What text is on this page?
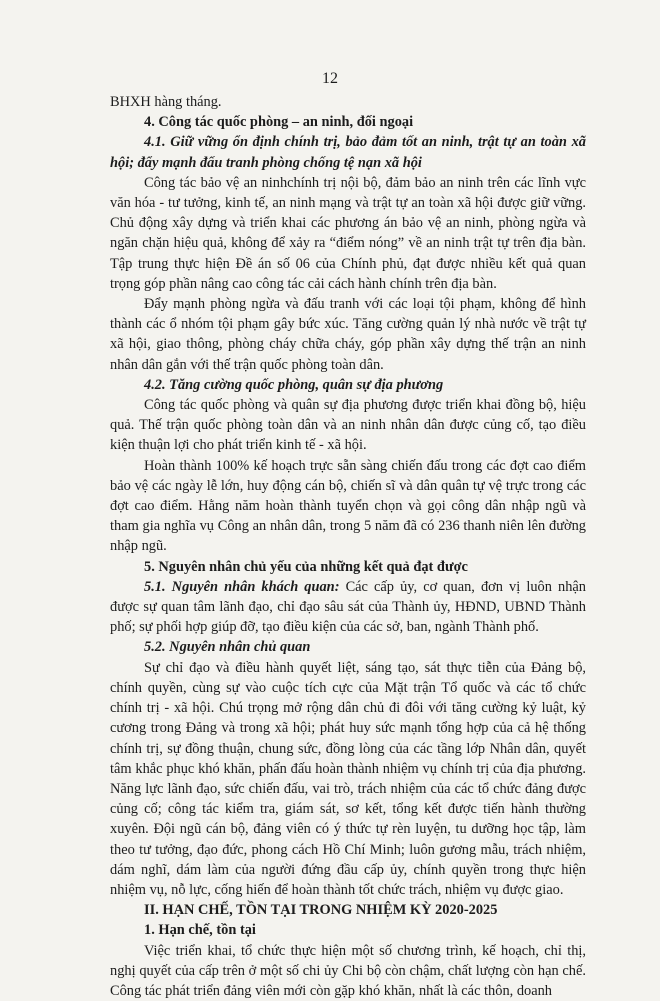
12

BHXH hàng tháng.

4. Công tác quốc phòng – an ninh, đối ngoại

4.1. Giữ vững ổn định chính trị, bảo đảm tốt an ninh, trật tự an toàn xã hội; đẩy mạnh đấu tranh phòng chống tệ nạn xã hội

Công tác bảo vệ an ninhchính trị nội bộ, đảm bảo an ninh trên các lĩnh vực văn hóa - tư tưởng, kinh tế, an ninh mạng và trật tự an toàn xã hội được giữ vững. Chủ động xây dựng và triển khai các phương án bảo vệ an ninh, phòng ngừa và ngăn chặn hiệu quả, không để xảy ra “điểm nóng” về an ninh trật tự trên địa bàn. Tập trung thực hiện Đề án số 06 của Chính phủ, đạt được nhiều kết quả quan trọng góp phần nâng cao công tác cải cách hành chính trên địa bàn.

Đẩy mạnh phòng ngừa và đấu tranh với các loại tội phạm, không để hình thành các ổ nhóm tội phạm gây bức xúc. Tăng cường quản lý nhà nước về trật tự xã hội, giao thông, phòng cháy chữa cháy, góp phần xây dựng thế trận an ninh nhân dân gắn với thế trận quốc phòng toàn dân.

4.2. Tăng cường quốc phòng, quân sự địa phương

Công tác quốc phòng và quân sự địa phương được triển khai đồng bộ, hiệu quả. Thế trận quốc phòng toàn dân và an ninh nhân dân được củng cố, tạo điều kiện thuận lợi cho phát triển kinh tế - xã hội.

Hoàn thành 100% kế hoạch trực sẵn sàng chiến đấu trong các đợt cao điểm bảo vệ các ngày lễ lớn, huy động cán bộ, chiến sĩ và dân quân tự vệ trực trong các đợt cao điểm. Hằng năm hoàn thành tuyển chọn và gọi công dân nhập ngũ và tham gia nghĩa vụ Công an nhân dân, trong 5 năm đã có 236 thanh niên lên đường nhập ngũ.

5. Nguyên nhân chủ yếu của những kết quả đạt được

5.1. Nguyên nhân khách quan: Các cấp ủy, cơ quan, đơn vị luôn nhận được sự quan tâm lãnh đạo, chỉ đạo sâu sát của Thành ủy, HĐND, UBND Thành phố; sự phối hợp giúp đỡ, tạo điều kiện của các sở, ban, ngành Thành phố.

5.2. Nguyên nhân chủ quan

Sự chỉ đạo và điều hành quyết liệt, sáng tạo, sát thực tiễn của Đảng bộ, chính quyền, cùng sự vào cuộc tích cực của Mặt trận Tổ quốc và các tổ chức chính trị - xã hội. Chú trọng mở rộng dân chủ đi đôi với tăng cường kỷ luật, kỷ cương trong Đảng và trong xã hội; phát huy sức mạnh tổng hợp của cả hệ thống chính trị, sự đồng thuận, chung sức, đồng lòng của các tầng lớp Nhân dân, quyết tâm khắc phục khó khăn, phấn đấu hoàn thành nhiệm vụ chính trị của địa phương. Năng lực lãnh đạo, sức chiến đấu, vai trò, trách nhiệm của các tổ chức đảng được củng cố; công tác kiểm tra, giám sát, sơ kết, tổng kết được tiến hành thường xuyên. Đội ngũ cán bộ, đảng viên có ý thức tự rèn luyện, tu dưỡng học tập, làm theo tư tưởng, đạo đức, phong cách Hồ Chí Minh; luôn gương mẫu, trách nhiệm, dám nghĩ, dám làm của người đứng đầu cấp ủy, chính quyền trong thực hiện nhiệm vụ, nỗ lực, cống hiến để hoàn thành tốt chức trách, nhiệm vụ được giao.

II. HẠN CHẾ, TỒN TẠI TRONG NHIỆM KỲ 2020-2025

1. Hạn chế, tồn tại

Việc triển khai, tổ chức thực hiện một số chương trình, kế hoạch, chỉ thị, nghị quyết của cấp trên ở một số chi ủy Chi bộ còn chậm, chất lượng còn hạn chế. Công tác phát triển đảng viên mới còn gặp khó khăn, nhất là các thôn, doanh
